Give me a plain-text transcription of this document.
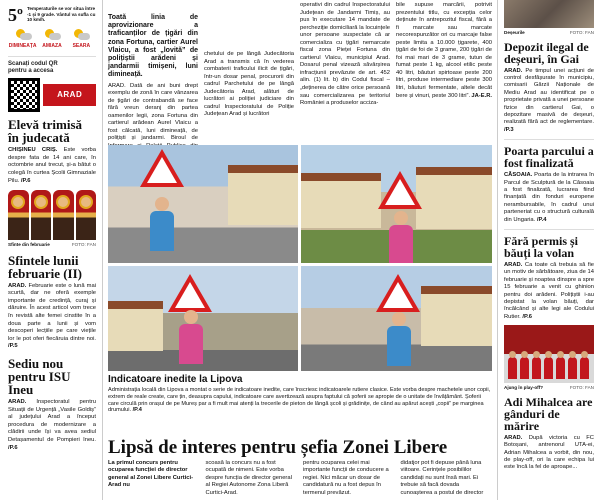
5º Temperaturile se vor situa între -1 și 9 grade. Vântul va sufla cu 10 km/h.
DIMINEAȚA	AMIAZA	SEARA
Scanați codul QR
pentru a accesa
ARAD
Elevă trimisă în judecată
CHIȘINEU CRIȘ. Este vorba despre fata de 14 ani care, în octombrie anul trecut, și-a bătut o colegă în curtea Școlii Gimnaziale Pilu. /P.6
Sfinte din februarie	FOTO: FAN
Sfintele lunii februarie (II)
ARAD. Februarie este o lună mai scurtă, dar ne oferă exemple importante de credință, curaj și dăruire. În acest articol vom trece în revistă alte femei cinstite în a doua parte a lunii și vom descoperi lecțiile pe care viețile lor le pot oferi fiecăruia dintre noi. /P.5
Sediu nou pentru ISU Ineu
ARAD. Inspectoratul pentru Situații de Urgență „Vasile Goldiș” al județului Arad a început procedura de modernizare a clădirii unde își va avea sediul Detașamentul de Pompieri Ineu. /P.6
Toată linia de aprovizionare a traficanților de țigări din zona Fortuna, cartier Aurel Vlaicu, a fost „lovită” de polițiștii arădeni și jandarmii timișeni, luni dimineață.
ARAD. Dată de ani buni drept exemplu de zonă în care vânzarea de țigări de contrabandă se face fără vreun deranj din partea oamenilor legii, zona Fortuna din cartierul arădean Aurel Vlaicu a fost călcată, luni dimineață, de polițiști și jandarmi. Biroul de
chetului de pe lângă Judecătoria Arad a transmis că în vederea combaterii traficului ilicit de țigări, într-un dosar penal, procurorii din cadrul Parchetului de pe lângă Judecătoria Arad, alături de lucrători ai poliției judiciare din cadrul Inspectoratului de Poliție Județean Arad și lucrători
operativi din cadrul Inspectoratului Județean de Jandarmi Timiș, au pus în executare 14 mandate de percheziție domiciliară la locuințele unor persoane suspectate că ar comercializa cu țigări nemarcate fiscal zona Pieței Fortuna din cartierul Vlaicu, municipiul Arad. Dosarul penal vizează săvârșirea infracțiunii prevăzute de art. 452 alin. (1) lit. b) din Codul fiscal – „deținerea de către orice persoană sau comercializarea pe teritoriul României a produselor acciza-
bile supuse marcării, potrivit prezentului titlu, cu excepția celor deținute în antrepozitul fiscal, fără a fi marcate sau marcate necorespunzător ori cu marcaje false peste limita a 10.000 țigarete, 400 țigări de foi de 3 grame, 200 țigări de foi mai mari de 3 grame, tutun de fumat peste 1 kg, alcool etilic peste 40 litri, băuturi spirtoase peste 200 litri, produse intermediare peste 300 litri, băuturi fermentate, altele decât bere și vinuri, peste 300 litri”. JA-E.R.
Indicatoare inedite la Lipova
Administrația locală din Lipova a montat o serie de indicatoare inedite, care înscriesc indicatoarele rutiere clasice. Este vorba despre machetele unor copii, extrem de reale create, care țin, deasupra capului, indicatoare care avertizează asupra faptului că șoferii se apropie de o unitate de învățământ. Șoferii care circulă prin orașul de pe Mureș par a fi mult mai atenți la trecerile de pieton de lângă școli și grădinițe, de când au apărut acești „copii” pe marginea drumului. /P.4
Lipsă de interes pentru șefia Zonei Libere
La primul concurs pentru ocuparea funcției de director general al Zonei Libere Curtici-Arad nu
scoasă la concurs nu a fost ocupată de nimeni. Este vorba despre funcția de director general al Regiei Autonome Zona Liberă Curtici-Arad.
pentru ocuparea celei mai importante funcții de conducere a regiei. Nici măcar un dosar de candidatură nu a fost depus în termenul prevăzut.
didatjor pot fi depuse până luna viitoare. Cerințele posibililor candidați nu sunt însă mari. Ei trebuie să facă dovada cunoașterea a postul de director
Deșeurile	FOTO: FAN
Depozit ilegal de deșeuri, în Gai
ARAD. Pe timpul unei acțiuni de control desfășurate în municipiu, comisarii Gărzii Naționale de Mediu Arad au identificat pe o proprietate privată a unei persoane fizice din cartierul Gai, o depozitare masivă de deșeuri, realizată fără act de reglementare. /P.3
Poarta parcului a fost finalizată
CĂSOAIA. Poarta de la intrarea în Parcul de Sculptură de la Căsoaia a fost finalizată, lucrarea fiind finanțată din fonduri europene nerambursabile, în cadrul unui parteneriat cu o structură culturală din Ungaria. /P.4
Fără permis și băuți la volan
ARAD. Ca toate că trebuia să fie un motiv de sărbătoare, ziua de 14 februarie și noaptea dinspre a spre 15 februarie a venit cu ghinion pentru doi arădeni. Polițiștii i-au depistat la volan băuți, dar încălcând și alte legi ale Codului Rutier. /P.6
Ajung în play-off?	FOTO: FAN
Adi Mihalcea are gânduri de mărire
ARAD. După victoria cu FC Botoșani, antrenorul UTA-ei, Adrian Mihalcea a vorbit, din nou, de play-off, ori la care echipa lui este încă la fel de aproape...
